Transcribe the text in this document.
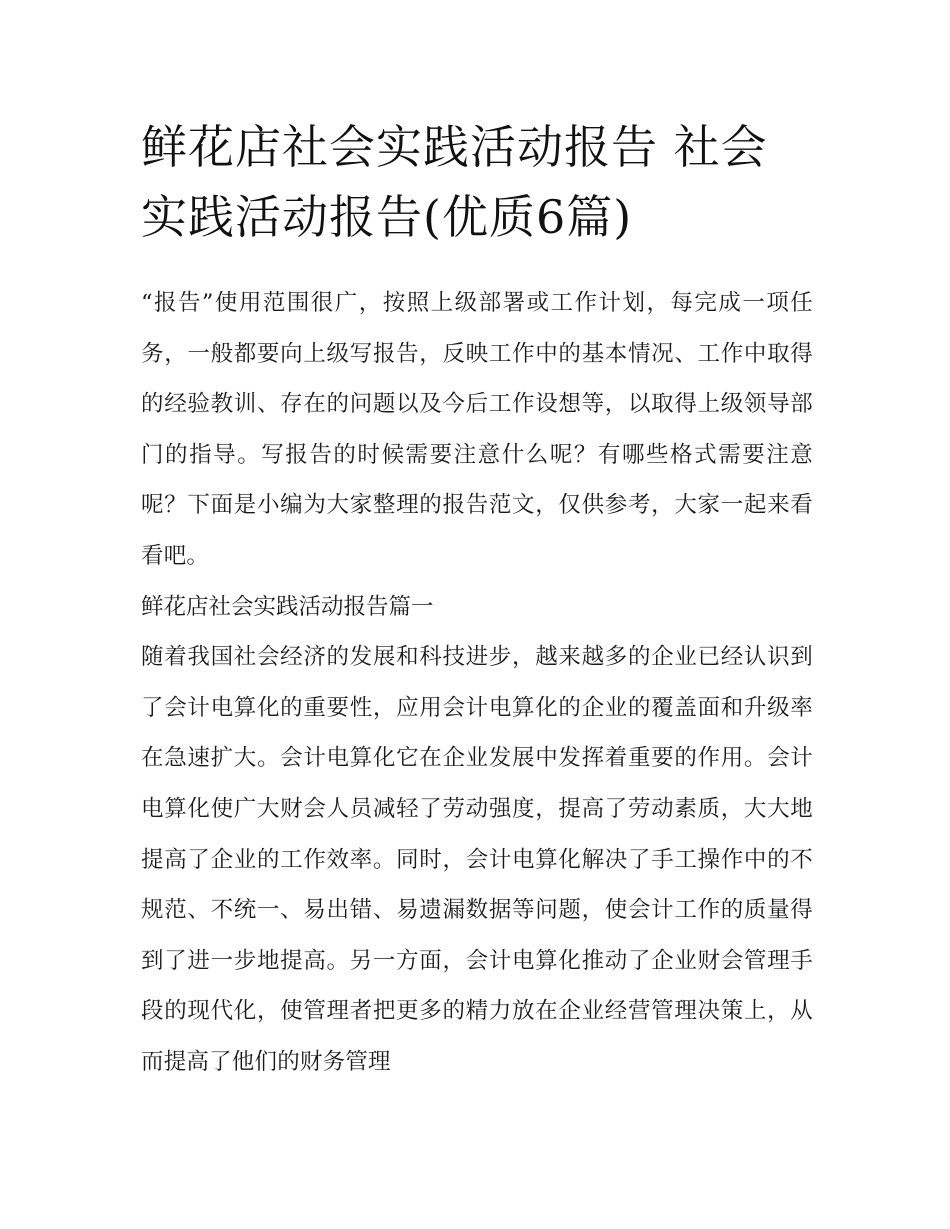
鲜花店社会实践活动报告 社会实践活动报告(优质6篇)

“报告”使用范围很广，按照上级部署或工作计划，每完成一项任务，一般都要向上级写报告，反映工作中的基本情况、工作中取得的经验教训、存在的问题以及今后工作设想等，以取得上级领导部门的指导。写报告的时候需要注意什么呢？有哪些格式需要注意呢？下面是小编为大家整理的报告范文，仅供参考，大家一起来看看吧。

鲜花店社会实践活动报告篇一

随着我国社会经济的发展和科技进步，越来越多的企业已经认识到了会计电算化的重要性，应用会计电算化的企业的覆盖面和升级率在急速扩大。会计电算化它在企业发展中发挥着重要的作用。会计电算化使广大财会人员减轻了劳动强度，提高了劳动素质，大大地提高了企业的工作效率。同时，会计电算化解决了手工操作中的不规范、不统一、易出错、易遗漏数据等问题，使会计工作的质量得到了进一步地提高。另一方面，会计电算化推动了企业财会管理手段的现代化，使管理者把更多的精力放在企业经营管理决策上，从而提高了他们的财务管理
